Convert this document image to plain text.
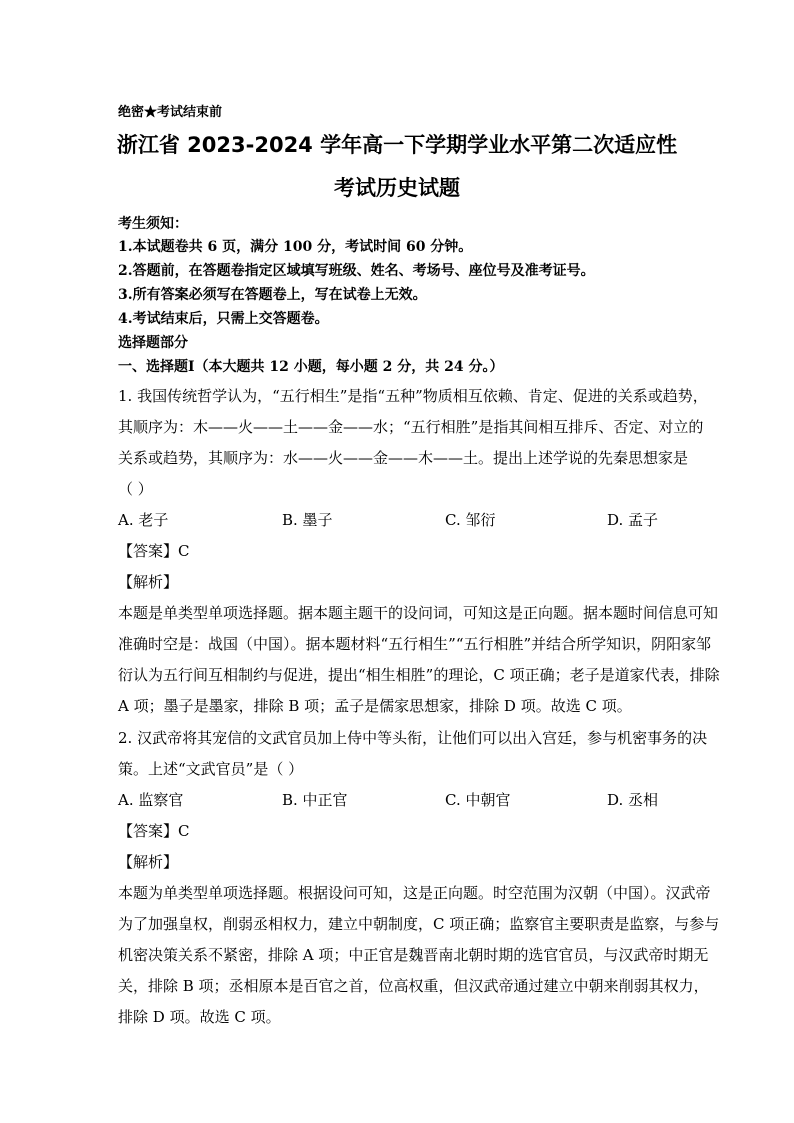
绝密★考试结束前
浙江省 2023-2024 学年高一下学期学业水平第二次适应性
考试历史试题
考生须知：
1.本试题卷共 6 页，满分 100 分，考试时间 60 分钟。
2.答题前，在答题卷指定区域填写班级、姓名、考场号、座位号及准考证号。
3.所有答案必须写在答题卷上，写在试卷上无效。
4.考试结束后，只需上交答题卷。
选择题部分
一、选择题Ⅰ（本大题共 12 小题，每小题 2 分，共 24 分。）
1. 我国传统哲学认为，“五行相生”是指“五种”物质相互依赖、肯定、促进的关系或趋势，
其顺序为：木——火——土——金——水；“五行相胜”是指其间相互排斥、否定、对立的
关系或趋势，其顺序为：水——火——金——木——土。提出上述学说的先秦思想家是
（ ）
A. 老子	B. 墨子	C. 邹衍	D. 孟子
【答案】C
【解析】
本题是单类型单项选择题。据本题主题干的设问词，可知这是正向题。据本题时间信息可知
准确时空是：战国（中国）。据本题材料“五行相生”“五行相胜”并结合所学知识，阴阳家邹
衍认为五行间互相制约与促进，提出“相生相胜”的理论，C 项正确；老子是道家代表，排除
A 项；墨子是墨家，排除 B 项；孟子是儒家思想家，排除 D 项。故选 C 项。
2. 汉武帝将其宠信的文武官员加上侍中等头衔，让他们可以出入宫廷，参与机密事务的决
策。上述“文武官员”是（ ）
A. 监察官	B. 中正官	C. 中朝官	D. 丞相
【答案】C
【解析】
本题为单类型单项选择题。根据设问可知，这是正向题。时空范围为汉朝（中国）。汉武帝
为了加强皇权，削弱丞相权力，建立中朝制度，C 项正确；监察官主要职责是监察，与参与
机密决策关系不紧密，排除 A 项；中正官是魏晋南北朝时期的选官官员，与汉武帝时期无
关，排除 B 项；丞相原本是百官之首，位高权重，但汉武帝通过建立中朝来削弱其权力，
排除 D 项。故选 C 项。
